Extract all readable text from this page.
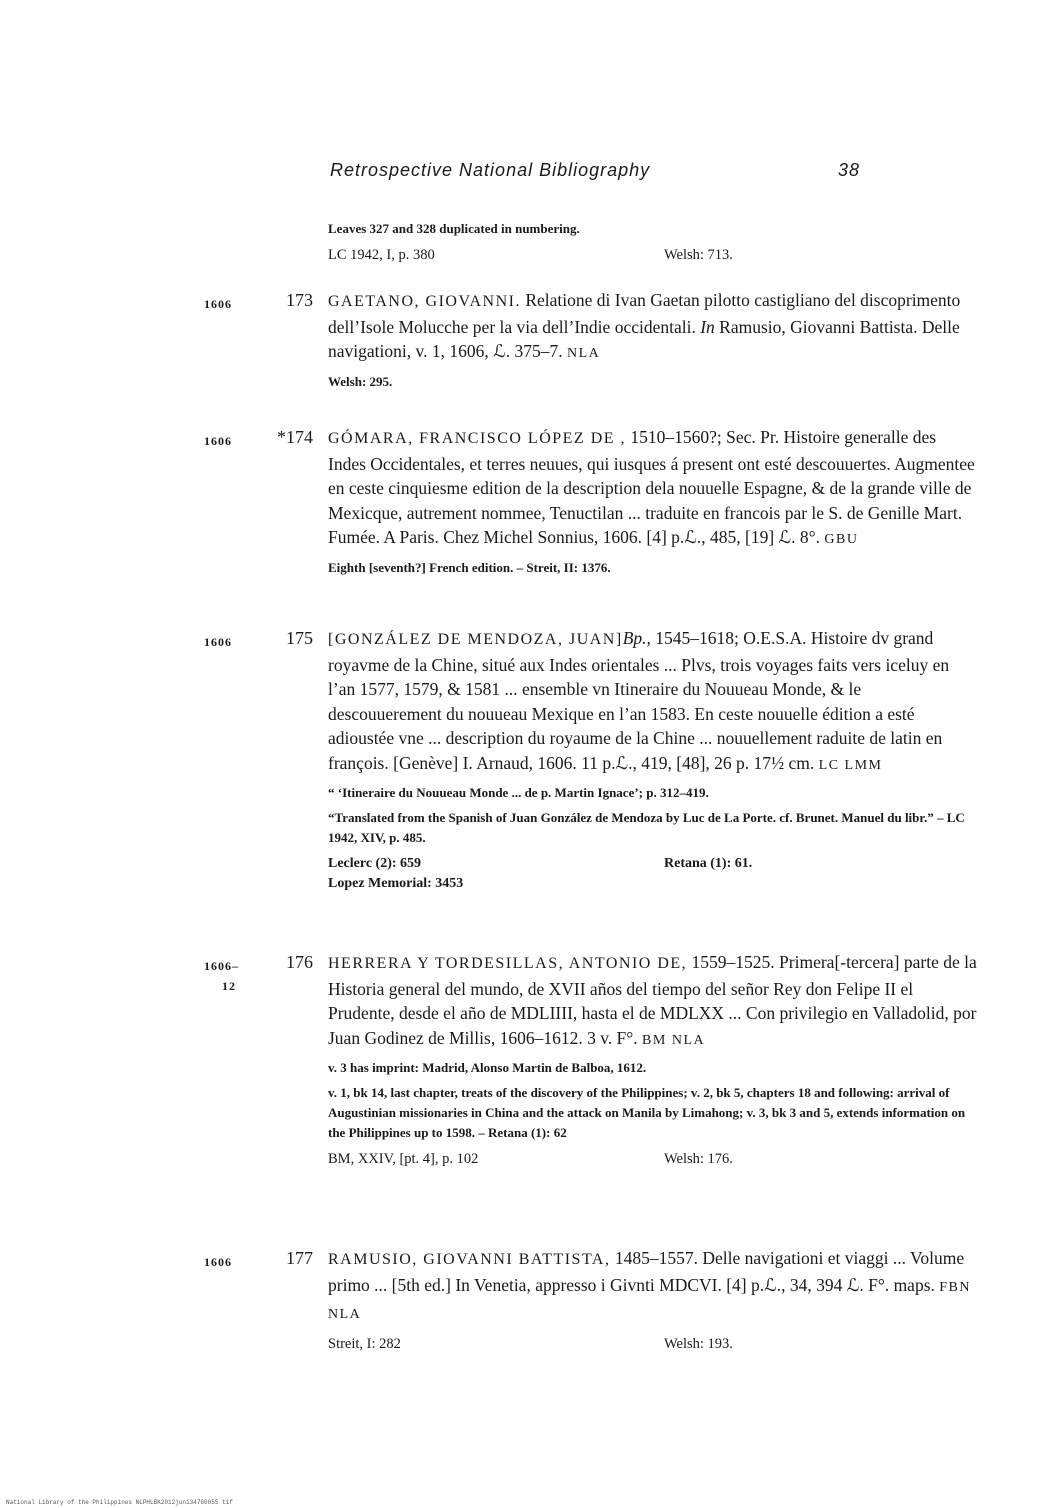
Retrospective National Bibliography	38
Leaves 327 and 328 duplicated in numbering.
LC 1942, I, p. 380	Welsh: 713.
1606	173 GAETANO, GIOVANNI. Relatione di Ivan Gaetan pilotto castigliano del discoprimento dell’Isole Molucche per la via dell’Indie occidentali. In Ramusio, Giovanni Battista. Delle navigationi, v. 1, 1606, ℒ. 375–7. NLA
Welsh: 295.
1606	*174 GÓMARA, FRANCISCO LÓPEZ DE , 1510–1560?; Sec. Pr. Histoire generalle des Indes Occidentales, et terres neuues, qui iusques á present ont esté descouuertes. Augmentee en ceste cinquiesme edition de la description dela nouuelle Espagne, & de la grande ville de Mexicque, autrement nommee, Tenuctilan ... traduite en francois par le S. de Genille Mart. Fumée. A Paris. Chez Michel Sonnius, 1606. [4] p.ℒ., 485, [19] ℒ. 8°. GBU
Eighth [seventh?] French edition. – Streit, II: 1376.
1606	175 [GONZÁLEZ DE MENDOZA, JUAN]Bp., 1545–1618; O.E.S.A. Histoire dv grand royavme de la Chine, situé aux Indes orientales ... Plvs, trois voyages faits vers iceluy en l’an 1577, 1579, & 1581 ... ensemble vn Itineraire du Nouueau Monde, & le descouuerement du nouueau Mexique en l’an 1583. En ceste nouuelle édition a esté adioustée vne ... description du royaume de la Chine ... nouuellement raduite de latin en françois. [Genève] I. Arnaud, 1606. 11 p.ℒ., 419, [48], 26 p. 17½ cm. LC LMM
“ ‘Itineraire du Nouueau Monde ... de p. Martin Ignace’; p. 312–419.
“Translated from the Spanish of Juan González de Mendoza by Luc de La Porte. cf. Brunet. Manuel du libr.” – LC 1942, XIV, p. 485.
Leclerc (2): 659	Retana (1): 61.
Lopez Memorial: 3453
1606–
12
176 HERRERA Y TORDESILLAS, ANTONIO DE, 1559–1525. Primera[-tercera] parte de la Historia general del mundo, de XVII años del tiempo del señor Rey don Felipe II el Prudente, desde el año de MDLIIII, hasta el de MDLXX ... Con privilegio en Valladolid, por Juan Godinez de Millis, 1606–1612. 3 v. F°. BM NLA
v. 3 has imprint: Madrid, Alonso Martin de Balboa, 1612.
v. 1, bk 14, last chapter, treats of the discovery of the Philippines; v. 2, bk 5, chapters 18 and following: arrival of Augustinian missionaries in China and the attack on Manila by Limahong; v. 3, bk 3 and 5, extends information on the Philippines up to 1598. – Retana (1): 62
BM, XXIV, [pt. 4], p. 102	Welsh: 176.
1606	177 RAMUSIO, GIOVANNI BATTISTA, 1485–1557. Delle navigationi et viaggi ... Volume primo ... [5th ed.] In Venetia, appresso i Givnti MDCVI. [4] p.ℒ., 34, 394 ℒ. F°. maps. FBN NLA
Streit, I: 282	Welsh: 193.
National Library of the Philippines NLPHLBK2012jun134760055 tif
